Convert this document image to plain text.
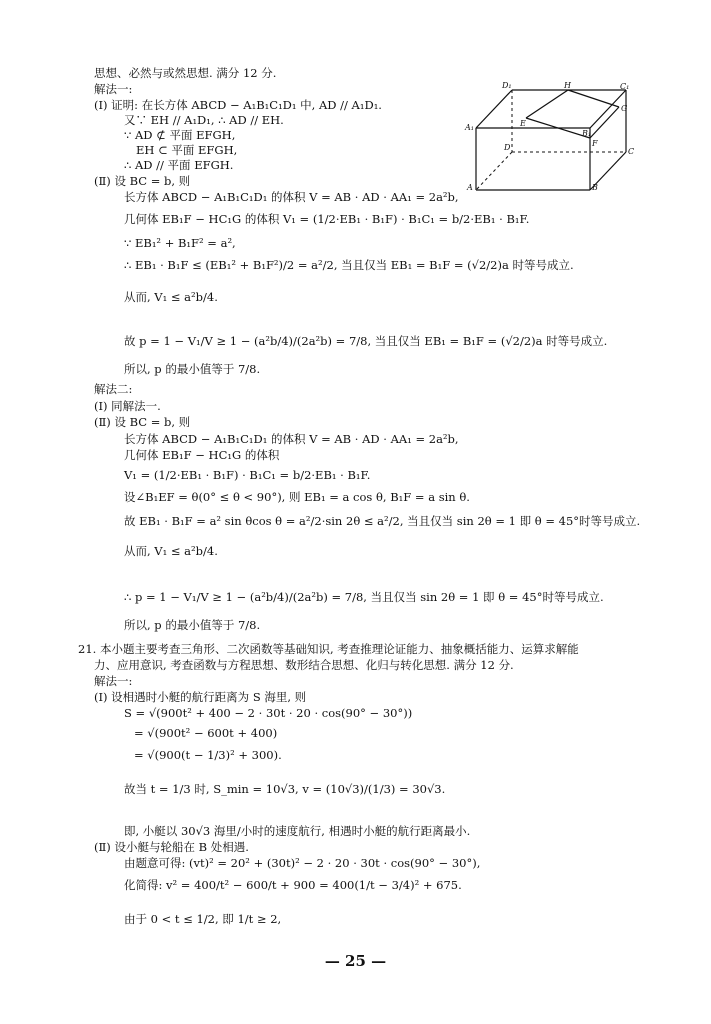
思想、必然与或然思想. 满分 12 分.
解法一:
(Ⅰ) 证明: 在长方体 ABCD − A₁B₁C₁D₁ 中, AD // A₁D₁.
又∵ EH // A₁D₁, ∴ AD // EH.
∵ AD ⊄ 平面 EFGH,
EH ⊂ 平面 EFGH,
∴ AD // 平面 EFGH.
(Ⅱ) 设 BC = b, 则
长方体 ABCD − A₁B₁C₁D₁ 的体积 V = AB · AD · AA₁ = 2a²b,
几何体 EB₁F − HC₁G 的体积 V₁ = (1/2·EB₁ · B₁F) · B₁C₁ = b/2·EB₁ · B₁F.
∵ EB₁² + B₁F² = a²,
∴ EB₁ · B₁F ≤ (EB₁² + B₁F²)/2 = a²/2, 当且仅当 EB₁ = B₁F = (√2/2)a 时等号成立.
从而, V₁ ≤ a²b/4.
故 p = 1 − V₁/V ≥ 1 − (a²b/4)/(2a²b) = 7/8, 当且仅当 EB₁ = B₁F = (√2/2)a 时等号成立.
所以, p 的最小值等于 7/8.
解法二:
(Ⅰ) 同解法一.
(Ⅱ) 设 BC = b, 则
长方体 ABCD − A₁B₁C₁D₁ 的体积 V = AB · AD · AA₁ = 2a²b,
几何体 EB₁F − HC₁G 的体积
V₁ = (1/2·EB₁ · B₁F) · B₁C₁ = b/2·EB₁ · B₁F.
设∠B₁EF = θ(0° ≤ θ < 90°), 则 EB₁ = a cos θ, B₁F = a sin θ.
故 EB₁ · B₁F = a² sin θcos θ = a²/2·sin 2θ ≤ a²/2, 当且仅当 sin 2θ = 1 即 θ = 45°时等号成立.
从而, V₁ ≤ a²b/4.
∴ p = 1 − V₁/V ≥ 1 − (a²b/4)/(2a²b) = 7/8, 当且仅当 sin 2θ = 1 即 θ = 45°时等号成立.
所以, p 的最小值等于 7/8.
21. 本小题主要考查三角形、二次函数等基础知识, 考查推理论证能力、抽象概括能力、运算求解能
力、应用意识, 考查函数与方程思想、数形结合思想、化归与转化思想. 满分 12 分.
解法一:
(Ⅰ) 设相遇时小艇的航行距离为 S 海里, 则
S = √(900t² + 400 − 2 · 30t · 20 · cos(90° − 30°))
= √(900t² − 600t + 400)
= √(900(t − 1/3)² + 300).
故当 t = 1/3 时, S_min = 10√3, v = (10√3)/(1/3) = 30√3.
即, 小艇以 30√3 海里/小时的速度航行, 相遇时小艇的航行距离最小.
(Ⅱ) 设小艇与轮船在 B 处相遇.
由题意可得: (vt)² = 20² + (30t)² − 2 · 20 · 30t · cos(90° − 30°),
化简得: v² = 400/t² − 600/t + 900 = 400(1/t − 3/4)² + 675.
由于 0 < t ≤ 1/2, 即 1/t ≥ 2,
D₁	H	C₁
G
A₁	E
B₁
F
D	C
A	B
— 25 —
